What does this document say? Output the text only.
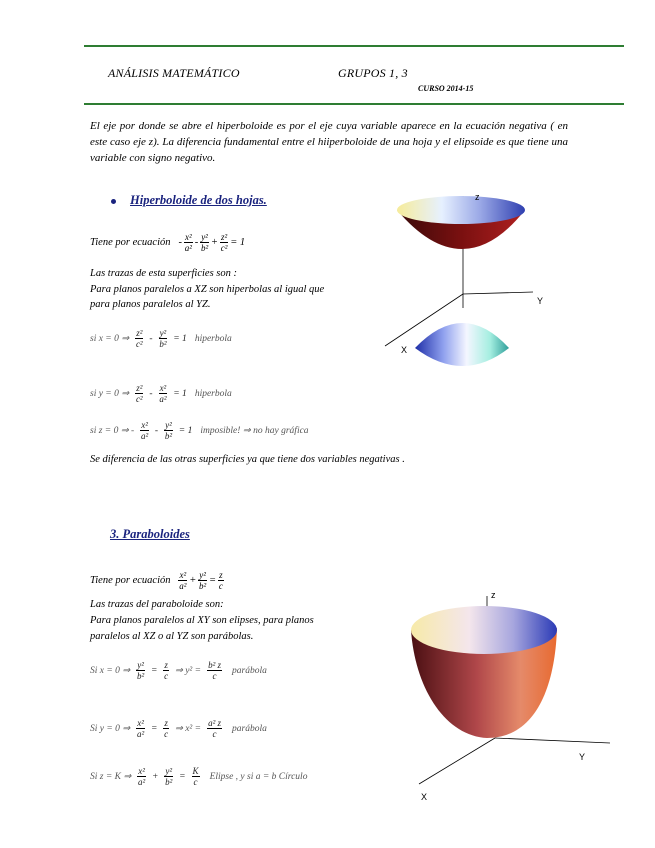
ANÁLISIS MATEMÁTICO	GRUPOS 1, 3
CURSO 2014-15
El eje por donde se abre el hiperboloide es por el eje cuya variable aparece en la ecuación negativa ( en este caso eje z). La diferencia fundamental entre el hiiperboloide de una hoja y el elipsoide es que tiene una variable con signo negativo.
Hiperboloide de dos hojas.
Tiene por ecuación - $\frac{\text{x²}}{\text{a²}} - \frac{\text{y²}}{\text{b²}} + \frac{\text{z²}}{\text{c²}} = 1$
Las trazas de esta superficies son :
Para planos paralelos a XZ son hiperbolas al igual que
para planos paralelos al YZ.
si x = 0 ⇒ $\frac{\text{z²}}{\text{c²}} - \frac{\text{y²}}{\text{b²}} = 1$ hiperbola
si y = 0 ⇒ $\frac{\text{z²}}{\text{c²}} - \frac{\text{x²}}{\text{a²}} = 1$ hiperbola
si z = 0 ⇒ - $\frac{\text{x²}}{\text{a²}} - \frac{\text{y²}}{\text{b²}} = 1$ imposible! ⇒ no hay gráfica
Se diferencia de las otras superficies ya que tiene dos variables negativas .
z
Y
X
3. Paraboloides
Tiene por ecuación $\frac{\text{x²}}{\text{a²}} + \frac{\text{y²}}{\text{b²}} = \frac{z}{c}$
Las trazas del paraboloide son:
Para planos paralelos al XY son elipses, para planos
paralelos al XZ o al YZ son parábolas.
Si x = 0 ⇒ $\frac{\text{y²}}{\text{b²}} = \frac{z}{c}$ ⇒ $y^2 = \frac{\text{b² z}}{c}$ parábola
Si y = 0 ⇒ $\frac{\text{x²}}{\text{a²}} = \frac{z}{c}$ ⇒ $x^2 = \frac{\text{a² z}}{c}$ parábola
Si z = K ⇒ $\frac{\text{x²}}{\text{a²}} + \frac{\text{y²}}{\text{b²}} = \frac{K}{c}$ Elipse , y si a = b Círculo
z
Y
X
